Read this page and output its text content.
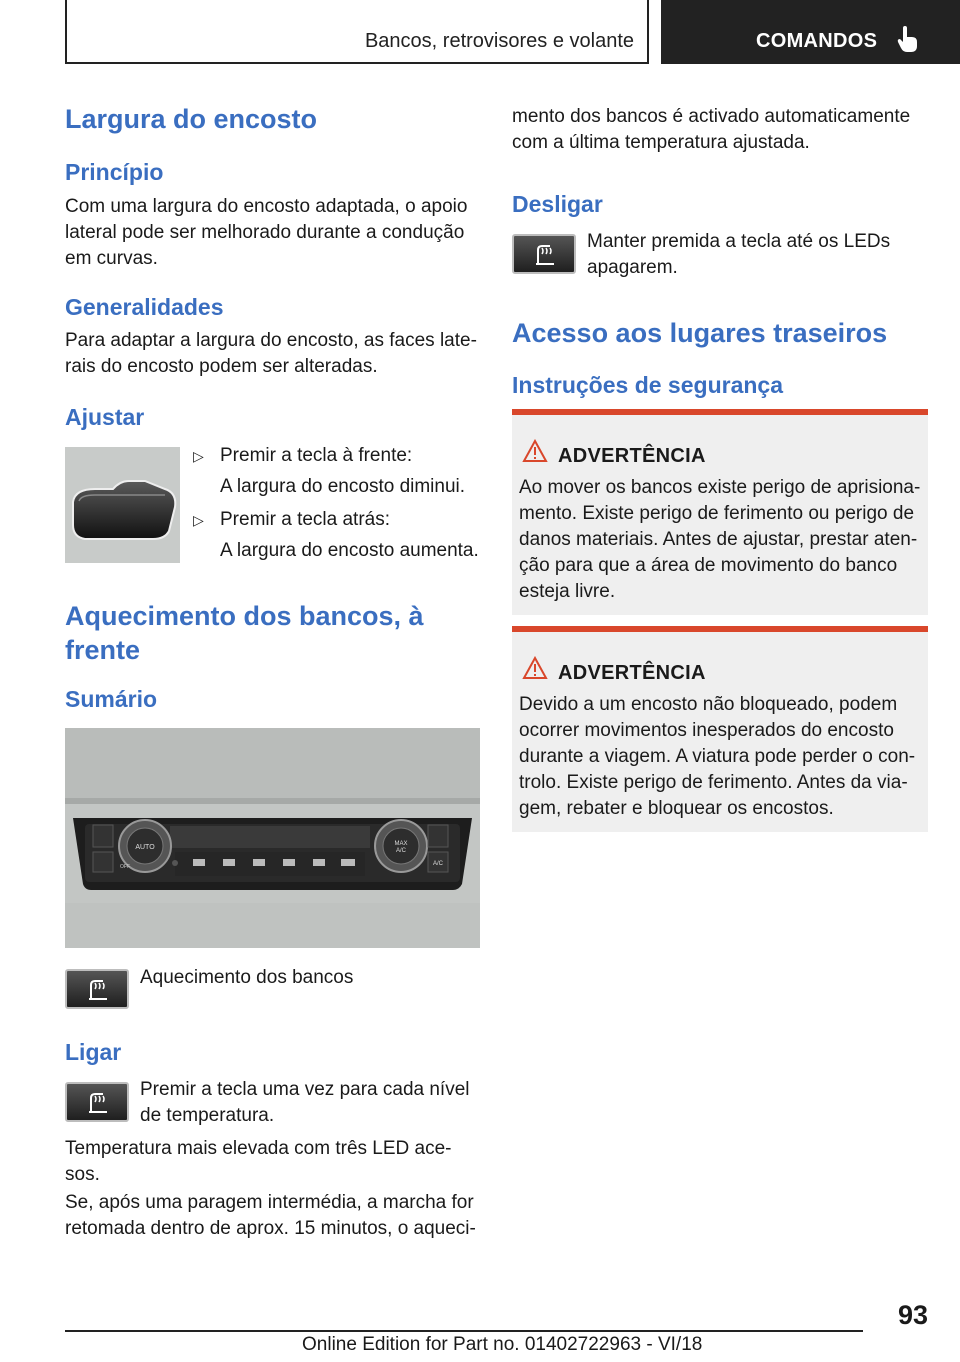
Bancos, retrovisores e volante	COMANDOS
Largura do encosto
Princípio
Com uma largura do encosto adaptada, o apoio
lateral pode ser melhorado durante a condução
em curvas.
Generalidades
Para adaptar a largura do encosto, as faces late-
rais do encosto podem ser alteradas.
Ajustar
▷ Premir a tecla à frente:
A largura do encosto diminui.
▷ Premir a tecla atrás:
A largura do encosto aumenta.
Aquecimento dos bancos, à
frente
Sumário
AUTO	MAX
A/C
A/C
OFF
Aquecimento dos bancos
Ligar
Premir a tecla uma vez para cada nível
de temperatura.
Temperatura mais elevada com três LED ace-
sos.
Se, após uma paragem intermédia, a marcha for
retomada dentro de aprox. 15 minutos, o aqueci-
mento dos bancos é activado automaticamente
com a última temperatura ajustada.
Desligar
Manter premida a tecla até os LEDs
apagarem.
Acesso aos lugares traseiros
Instruções de segurança
ADVERTÊNCIA
Ao mover os bancos existe perigo de aprisiona-
mento. Existe perigo de ferimento ou perigo de
danos materiais. Antes de ajustar, prestar aten-
ção para que a área de movimento do banco
esteja livre.
ADVERTÊNCIA
Devido a um encosto não bloqueado, podem
ocorrer movimentos inesperados do encosto
durante a viagem. A viatura pode perder o con-
trolo. Existe perigo de ferimento. Antes da via-
gem, rebater e bloquear os encostos.
93
Online Edition for Part no. 01402722963 - VI/18
